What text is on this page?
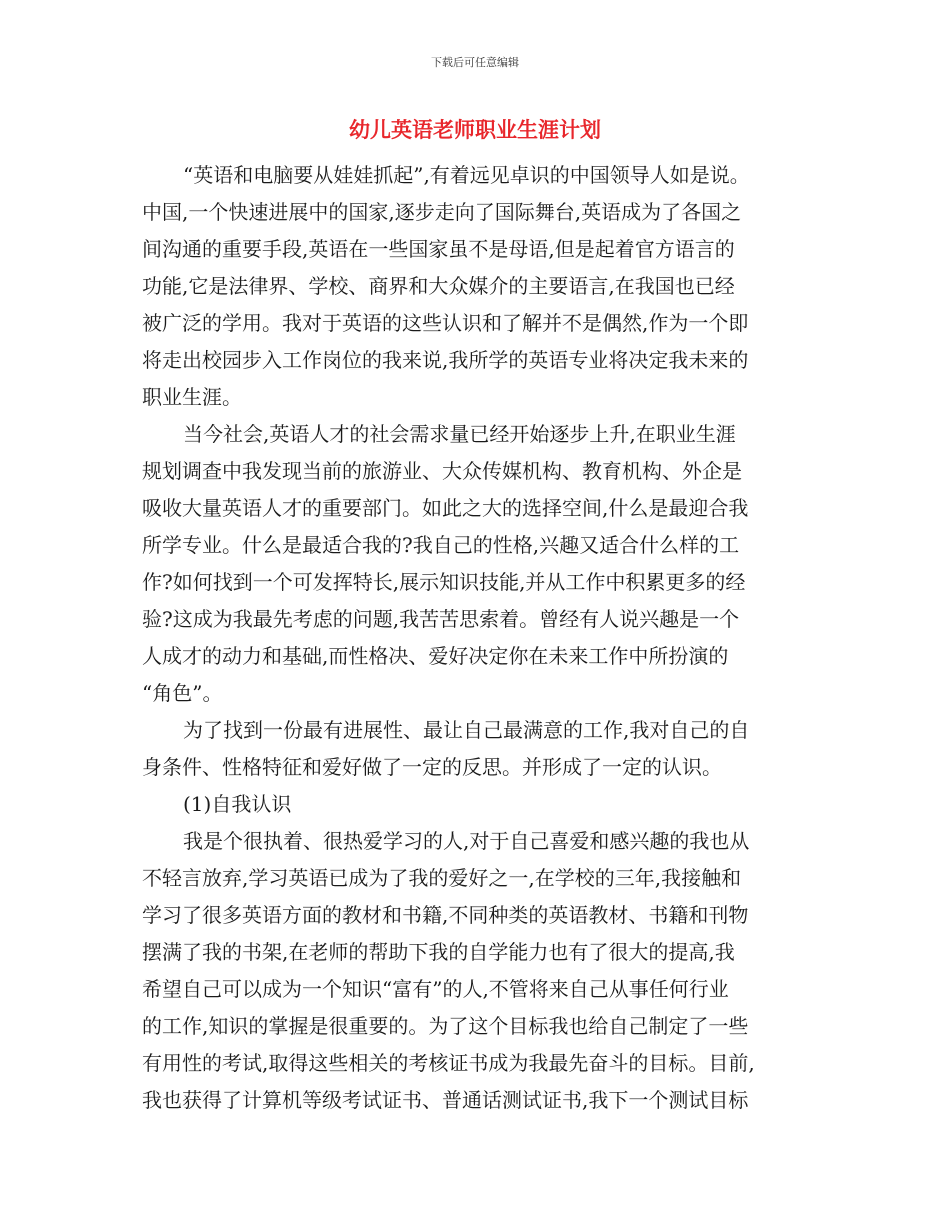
下载后可任意编辑
幼儿英语老师职业生涯计划
“英语和电脑要从娃娃抓起”,有着远见卓识的中国领导人如是说。
中国,一个快速进展中的国家,逐步走向了国际舞台,英语成为了各国之
间沟通的重要手段,英语在一些国家虽不是母语,但是起着官方语言的
功能,它是法律界、学校、商界和大众媒介的主要语言,在我国也已经
被广泛的学用。我对于英语的这些认识和了解并不是偶然,作为一个即
将走出校园步入工作岗位的我来说,我所学的英语专业将决定我未来的
职业生涯。
当今社会,英语人才的社会需求量已经开始逐步上升,在职业生涯
规划调查中我发现当前的旅游业、大众传媒机构、教育机构、外企是
吸收大量英语人才的重要部门。如此之大的选择空间,什么是最迎合我
所学专业。什么是最适合我的?我自己的性格,兴趣又适合什么样的工
作?如何找到一个可发挥特长,展示知识技能,并从工作中积累更多的经
验?这成为我最先考虑的问题,我苦苦思索着。曾经有人说兴趣是一个
人成才的动力和基础,而性格决、爱好决定你在未来工作中所扮演的
“角色”。
为了找到一份最有进展性、最让自己最满意的工作,我对自己的自
身条件、性格特征和爱好做了一定的反思。并形成了一定的认识。
(1)自我认识
我是个很执着、很热爱学习的人,对于自己喜爱和感兴趣的我也从
不轻言放弃,学习英语已成为了我的爱好之一,在学校的三年,我接触和
学习了很多英语方面的教材和书籍,不同种类的英语教材、书籍和刊物
摆满了我的书架,在老师的帮助下我的自学能力也有了很大的提高,我
希望自己可以成为一个知识“富有”的人,不管将来自己从事任何行业
的工作,知识的掌握是很重要的。为了这个目标我也给自己制定了一些
有用性的考试,取得这些相关的考核证书成为我最先奋斗的目标。目前,
我也获得了计算机等级考试证书、普通话测试证书,我下一个测试目标
